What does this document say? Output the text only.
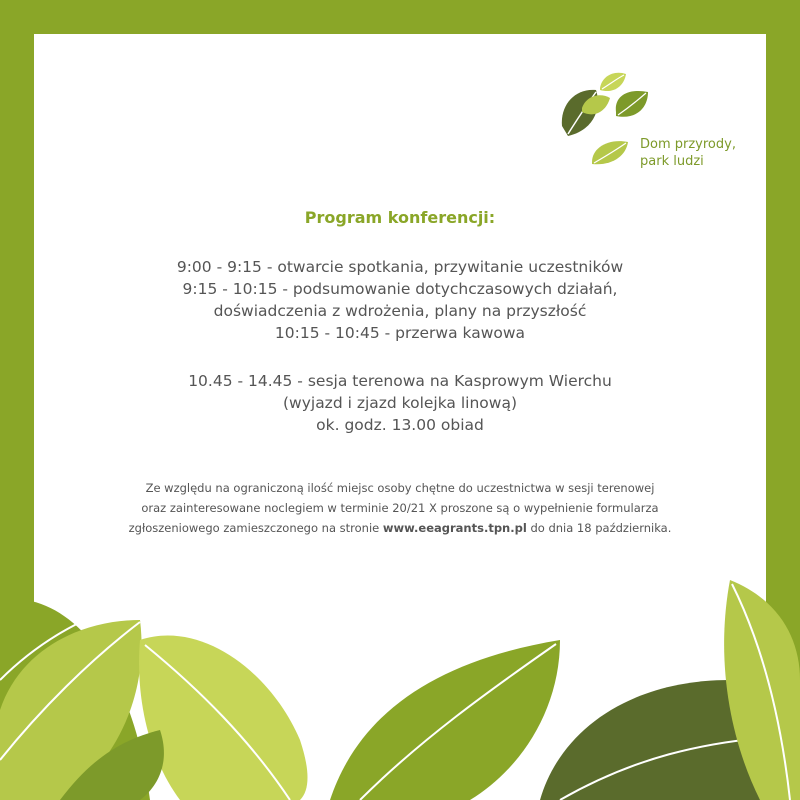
Dom przyrody,
park ludzi
Program konferencji:
9:00 - 9:15 - otwarcie spotkania, przywitanie uczestników
9:15 - 10:15 - podsumowanie dotychczasowych działań,
doświadczenia z wdrożenia, plany na przyszłość
10:15 - 10:45 - przerwa kawowa
10.45 - 14.45 - sesja terenowa na Kasprowym Wierchu
(wyjazd i zjazd kolejka linową)
ok. godz. 13.00 obiad
Ze względu na ograniczoną ilość miejsc osoby chętne do uczestnictwa w sesji terenowej
oraz zainteresowane noclegiem w terminie 20/21 X proszone są o wypełnienie formularza
zgłoszeniowego zamieszczonego na stronie www.eeagrants.tpn.pl do dnia 18 października.
